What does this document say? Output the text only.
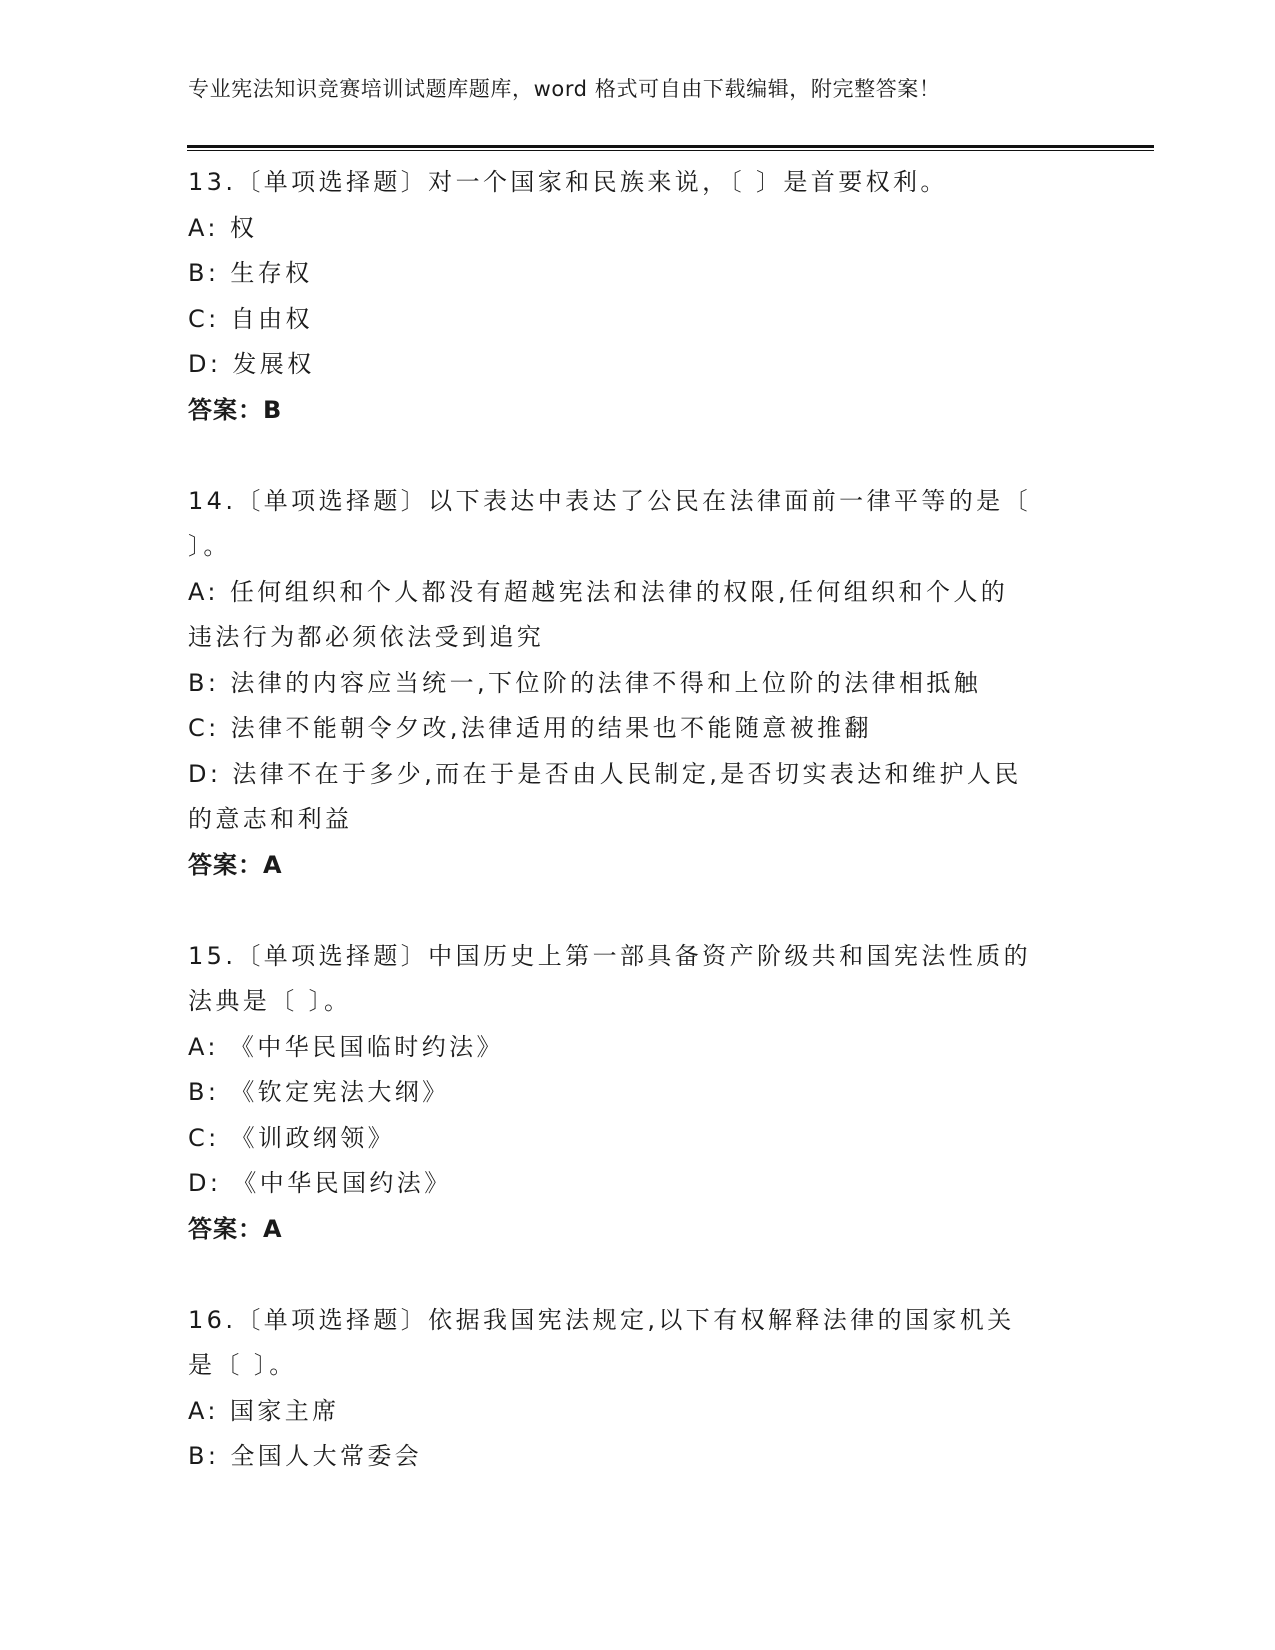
专业宪法知识竞赛培训试题库题库，word 格式可自由下载编辑，附完整答案！
13.〔单项选择题〕对一个国家和民族来说，〔 〕是首要权利。
A: 权
B: 生存权
C: 自由权
D: 发展权
答案：B
14.〔单项选择题〕以下表达中表达了公民在法律面前一律平等的是〔
〕。
A: 任何组织和个人都没有超越宪法和法律的权限,任何组织和个人的
违法行为都必须依法受到追究
B: 法律的内容应当统一,下位阶的法律不得和上位阶的法律相抵触
C: 法律不能朝令夕改,法律适用的结果也不能随意被推翻
D: 法律不在于多少,而在于是否由人民制定,是否切实表达和维护人民
的意志和利益
答案：A
15.〔单项选择题〕中国历史上第一部具备资产阶级共和国宪法性质的
法典是〔 〕。
A: 《中华民国临时约法》
B: 《钦定宪法大纲》
C: 《训政纲领》
D: 《中华民国约法》
答案：A
16.〔单项选择题〕依据我国宪法规定,以下有权解释法律的国家机关
是〔 〕。
A: 国家主席
B: 全国人大常委会
